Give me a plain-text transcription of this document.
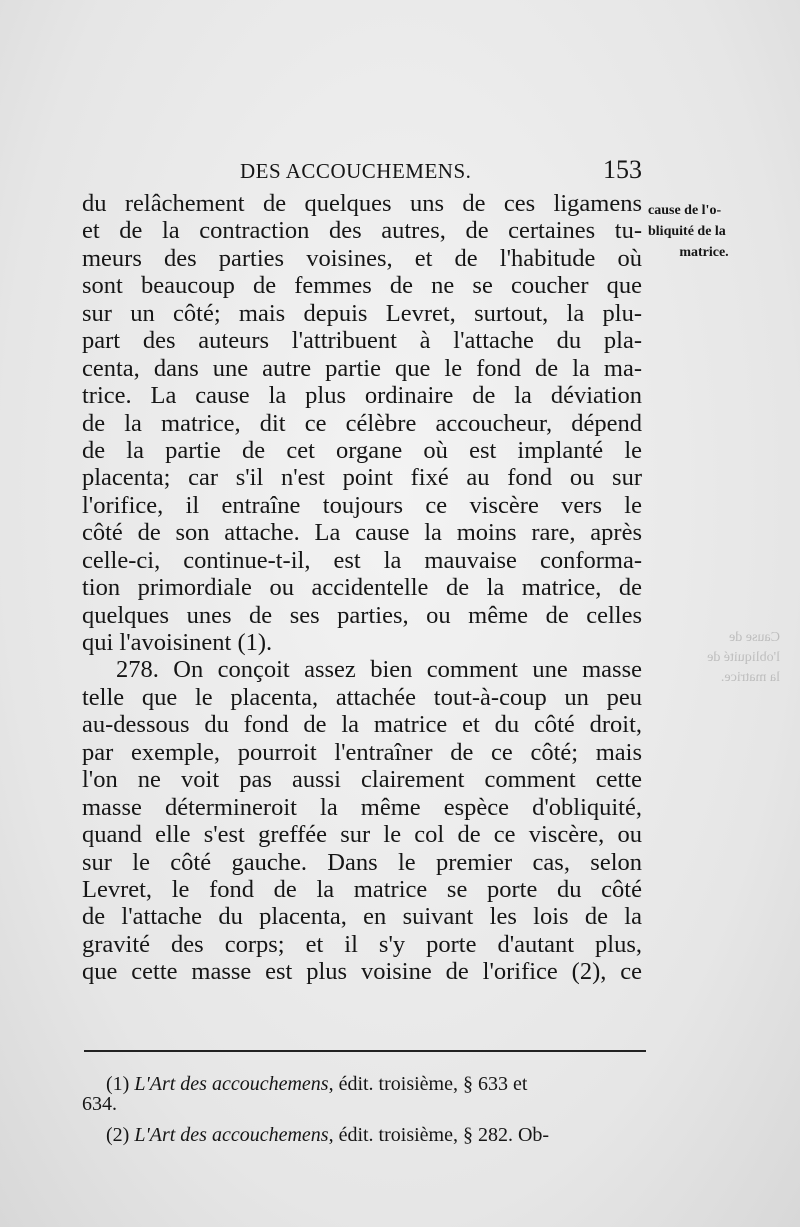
DES ACCOUCHEMENS.	153
du relâchement de quelques uns de ces ligamens
et de la contraction des autres, de certaines tu-
meurs des parties voisines, et de l'habitude où
sont beaucoup de femmes de ne se coucher que
sur un côté; mais depuis Levret, surtout, la plu-
part des auteurs l'attribuent à l'attache du pla-
centa, dans une autre partie que le fond de la ma-
trice. La cause la plus ordinaire de la déviation
de la matrice, dit ce célèbre accoucheur, dépend
de la partie de cet organe où est implanté le
placenta; car s'il n'est point fixé au fond ou sur
l'orifice, il entraîne toujours ce viscère vers le
côté de son attache. La cause la moins rare, après
celle-ci, continue-t-il, est la mauvaise conforma-
tion primordiale ou accidentelle de la matrice, de
quelques unes de ses parties, ou même de celles
qui l'avoisinent (1).
278. On conçoit assez bien comment une masse
telle que le placenta, attachée tout-à-coup un peu
au-dessous du fond de la matrice et du côté droit,
par exemple, pourroit l'entraîner de ce côté; mais
l'on ne voit pas aussi clairement comment cette
masse détermineroit la même espèce d'obliquité,
quand elle s'est greffée sur le col de ce viscère, ou
sur le côté gauche. Dans le premier cas, selon
Levret, le fond de la matrice se porte du côté
de l'attache du placenta, en suivant les lois de la
gravité des corps; et il s'y porte d'autant plus,
que cette masse est plus voisine de l'orifice (2), ce
cause de l'o-
bliquité de la
matrice.
Cause de
l'obliquité de
la matrice.
(1) L'Art des accouchemens, édit. troisième, § 633 et
634.
(2) L'Art des accouchemens, édit. troisième, § 282. Ob-
